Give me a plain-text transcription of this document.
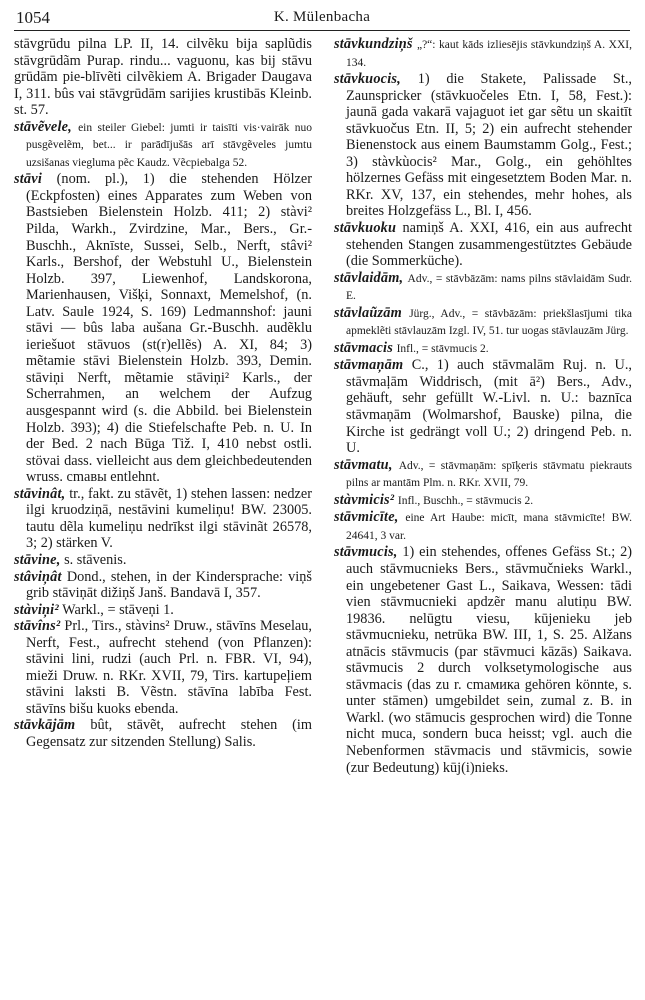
1054	K. Mülenbacha

stāvgrūdu pilna LP. II, 14. cilvẽku bija saplũdis stāvgrūdãm Purap. rindu... vaguonu, kas bij stāvu grūdām pie-blīvẽti cilvẽkiem A. Brigader Daugava I, 311. bûs vai stāvgrūdām sarijies krustibās Kleinb. st. 57.

stāvẽvele, ein steiler Giebel: jumti ir taisīti vis·vairāk nuo pusgẽvelẽm, bet... ir parādījušās arī stāvgẽveles jumtu uzsišanas viegluma pẽc Kaudz. Vẽcpiebalga 52.

stāvi (nom. pl.), 1) die stehenden Hölzer (Eckpfosten) eines Apparates zum Weben von Bastsieben Bielenstein Holzb. 411; 2) stàvi² Pilda, Warkh., Zvirdzine, Mar., Bers., Gr.-Buschh., Aknīste, Sussei, Selb., Nerft, stâvi² Karls., Bershof, der Webstuhl U., Bielenstein Holzb. 397, Liewenhof, Landskorona, Marienhausen, Višķi, Sonnaxt, Memelshof, (n. Latv. Saule 1924, S. 169) Ledmannshof: jauni stāvi — bûs laba aušana Gr.-Buschh. audẽklu ieriešuot stāvuos (st(r)ellẽs) A. XI, 84; 3) mẽtamie stāvi Bielenstein Holzb. 393, Demin. stāviņi Nerft, mẽtamie stāviņi² Karls., der Scherrahmen, an welchem der Aufzug ausgespannt wird (s. die Abbild. bei Bielenstein Holzb. 393); 4) die Stiefelschafte Peb. n. U. In der Bed. 2 nach Būga Tiž. I, 410 nebst ostli. stövai dass. vielleicht aus dem gleichbedeutenden wruss. cmaвы entlehnt.

stāvinât, tr., fakt. zu stāvẽt, 1) stehen lassen: nedzer ilgi kruodziņā, nestāvini kumeliņu! BW. 23005. tautu dẽla kumeliņu nedrīkst ilgi stāvinãt 26578, 3; 2) stärken V.

stāvine, s. stāvenis.

stâviņât Dond., stehen, in der Kindersprache: viņš grib stāviņāt dižiņš Janš. Bandavā I, 357.

stàviņi² Warkl., = stāveņi 1.

stāvîns² Prl., Tirs., stàvins² Druw., stāvīns Meselau, Nerft, Fest., aufrecht stehend (von Pflanzen): stāvini lini, rudzi (auch Prl. n. FBR. VI, 94), mieži Druw. n. RKr. XVII, 79, Tirs. kartupeļiem stāvini laksti B. Vẽstn. stāvīna labība Fest. stāvīns bišu kuoks ebenda.

stāvkājām bût, stāvẽt, aufrecht stehen (im Gegensatz zur sitzenden Stellung) Salis.

stāvkundziņš „?“: kaut kāds izliesējis stāvkundziņš A. XXI, 134.

stāvkuocis, 1) die Stakete, Palissade St., Zaunspricker (stāvkuočeles Etn. I, 58, Fest.): jaunā gada vakarā vajaguot iet gar sẽtu un skaitīt stāvkuočus Etn. II, 5; 2) ein aufrecht stehender Bienenstock aus einem Baumstamm Golg., Fest.; 3) stàvkùocis² Mar., Golg., ein gehöhltes hölzernes Gefäss mit eingesetztem Boden Mar. n. RKr. XV, 137, ein stehendes, mehr hohes, als breites Holzgefäss L., Bl. I, 456.

stāvkuoku namiņš A. XXI, 416, ein aus aufrecht stehenden Stangen zusammengestütztes Gebäude (die Sommerküche).

stāvlaidām, Adv., = stāvbāzām: nams pilns stāvlaidām Sudr. E.

stāvlaũzām Jürg., Adv., = stāvbāzām: priekšlasījumi tika apmeklẽti stāvlauzām Izgl. IV, 51. tur uogas stāvlauzām Jürg.

stāvmacis Infl., = stāvmucis 2.

stāvmaņām C., 1) auch stāvmalām Ruj. n. U., stāvmaļām Widdrisch, (mit ā²) Bers., Adv., gehäuft, sehr gefüllt W.-Livl. n. U.: baznīca stāvmaņām (Wolmarshof, Bauske) pilna, die Kirche ist gedrängt voll U.; 2) dringend Peb. n. U.

stāvmatu, Adv., = stāvmaņām: spīķeris stāvmatu piekrauts pilns ar mantām Plm. n. RKr. XVII, 79.

stàvmicis² Infl., Buschh., = stāvmucis 2.

stāvmicīte, eine Art Haube: micīt, mana stāvmicīte! BW. 24641, 3 var.

stāvmucis, 1) ein stehendes, offenes Gefäss St.; 2) auch stāvmucnieks Bers., stāvmučnieks Warkl., ein ungebetener Gast L., Saikava, Wessen: tādi vien stāvmucnieki apdzẽr manu alutiņu BW. 19836. nelūgtu viesu, kūjenieku jeb stāvmucnieku, netrūka BW. III, 1, S. 25. Alžans atnācis stāvmucis (par stāvmuci kāzās) Saikava. stāvmucis 2 durch volksetymologische aus stāvmacis (das zu r. cmaмика gehören könnte, s. unter stāmen) umgebildet sein, zumal z. B. in Warkl. (wo stāmucis gesprochen wird) die Tonne nicht muca, sondern buca heisst; vgl. auch die Nebenformen stāvmacis und stāvmicis, sowie (zur Bedeutung) kūj(i)nieks.
